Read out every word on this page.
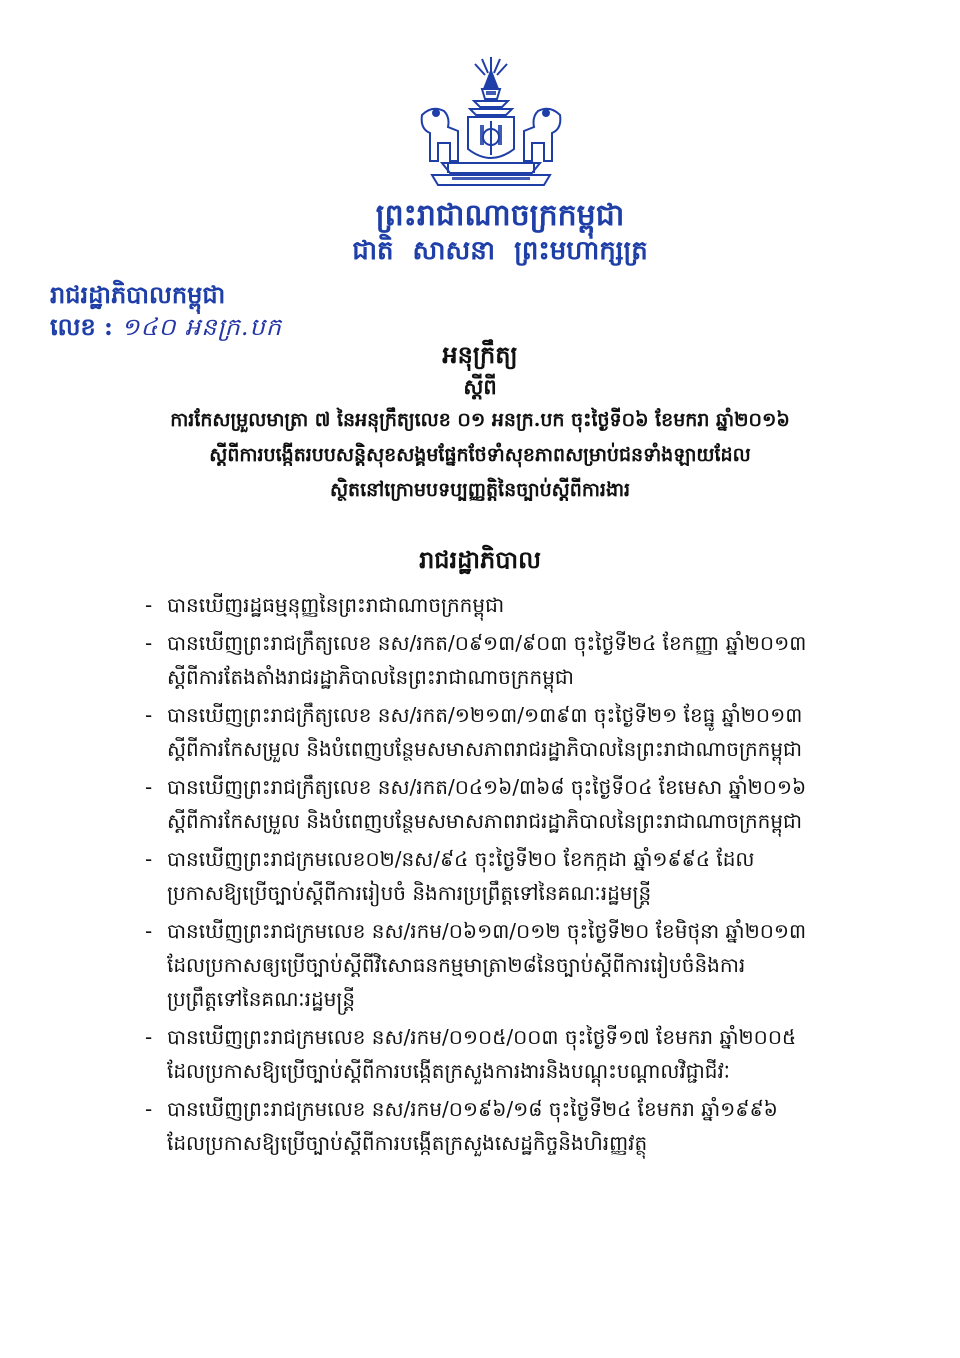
ព្រះរាជាណាចក្រកម្ពុជា
ជាតិ សាសនា ព្រះមហាក្សត្រ
រាជរដ្ឋាភិបាលកម្ពុជា
លេខ : ១៤០ អនក្រ.បក
អនុក្រឹត្យ
ស្តីពី
ការកែសម្រួលមាត្រា ៧ នៃអនុក្រឹត្យលេខ ០១ អនក្រ.បក ចុះថ្ងៃទី០៦ ខែមករា ឆ្នាំ២០១៦
ស្តីពីការបង្កើតរបបសន្តិសុខសង្គមផ្នែកថែទាំសុខភាពសម្រាប់ជនទាំងឡាយដែល
ស្ថិតនៅក្រោមបទប្បញ្ញត្តិនៃច្បាប់ស្តីពីការងារ
រាជរដ្ឋាភិបាល
- បានឃើញរដ្ឋធម្មនុញ្ញនៃព្រះរាជាណាចក្រកម្ពុជា
- បានឃើញព្រះរាជក្រឹត្យលេខ នស/រកត/០៩១៣/៩០៣ ចុះថ្ងៃទី២៤ ខែកញ្ញា ឆ្នាំ២០១៣
ស្តីពីការតែងតាំងរាជរដ្ឋាភិបាលនៃព្រះរាជាណាចក្រកម្ពុជា
- បានឃើញព្រះរាជក្រឹត្យលេខ នស/រកត/១២១៣/១៣៩៣ ចុះថ្ងៃទី២១ ខែធ្នូ ឆ្នាំ២០១៣
ស្តីពីការកែសម្រួល និងបំពេញបន្ថែមសមាសភាពរាជរដ្ឋាភិបាលនៃព្រះរាជាណាចក្រកម្ពុជា
- បានឃើញព្រះរាជក្រឹត្យលេខ នស/រកត/០៤១៦/៣៦៨ ចុះថ្ងៃទី០៤ ខែមេសា ឆ្នាំ២០១៦
ស្តីពីការកែសម្រួល និងបំពេញបន្ថែមសមាសភាពរាជរដ្ឋាភិបាលនៃព្រះរាជាណាចក្រកម្ពុជា
- បានឃើញព្រះរាជក្រមលេខ០២/នស/៩៤ ចុះថ្ងៃទី២០ ខែកក្កដា ឆ្នាំ១៩៩៤ ដែល
ប្រកាសឱ្យប្រើច្បាប់ស្តីពីការរៀបចំ និងការប្រព្រឹត្តទៅនៃគណៈរដ្ឋមន្ត្រី
- បានឃើញព្រះរាជក្រមលេខ នស/រកម/០៦១៣/០១២ ចុះថ្ងៃទី២០ ខែមិថុនា ឆ្នាំ២០១៣
ដែលប្រកាសឲ្យប្រើច្បាប់ស្តីពីវិសោធនកម្មមាត្រា២៨នៃច្បាប់ស្តីពីការរៀបចំនិងការ
ប្រព្រឹត្តទៅនៃគណៈរដ្ឋមន្ត្រី
- បានឃើញព្រះរាជក្រមលេខ នស/រកម/០១០៥/០០៣ ចុះថ្ងៃទី១៧ ខែមករា ឆ្នាំ២០០៥
ដែលប្រកាសឱ្យប្រើច្បាប់ស្តីពីការបង្កើតក្រសួងការងារនិងបណ្តុះបណ្តាលវិជ្ជាជីវៈ
- បានឃើញព្រះរាជក្រមលេខ នស/រកម/០១៩៦/១៨ ចុះថ្ងៃទី២៤ ខែមករា ឆ្នាំ១៩៩៦
ដែលប្រកាសឱ្យប្រើច្បាប់ស្តីពីការបង្កើតក្រសួងសេដ្ឋកិច្ចនិងហិរញ្ញវត្ថុ
